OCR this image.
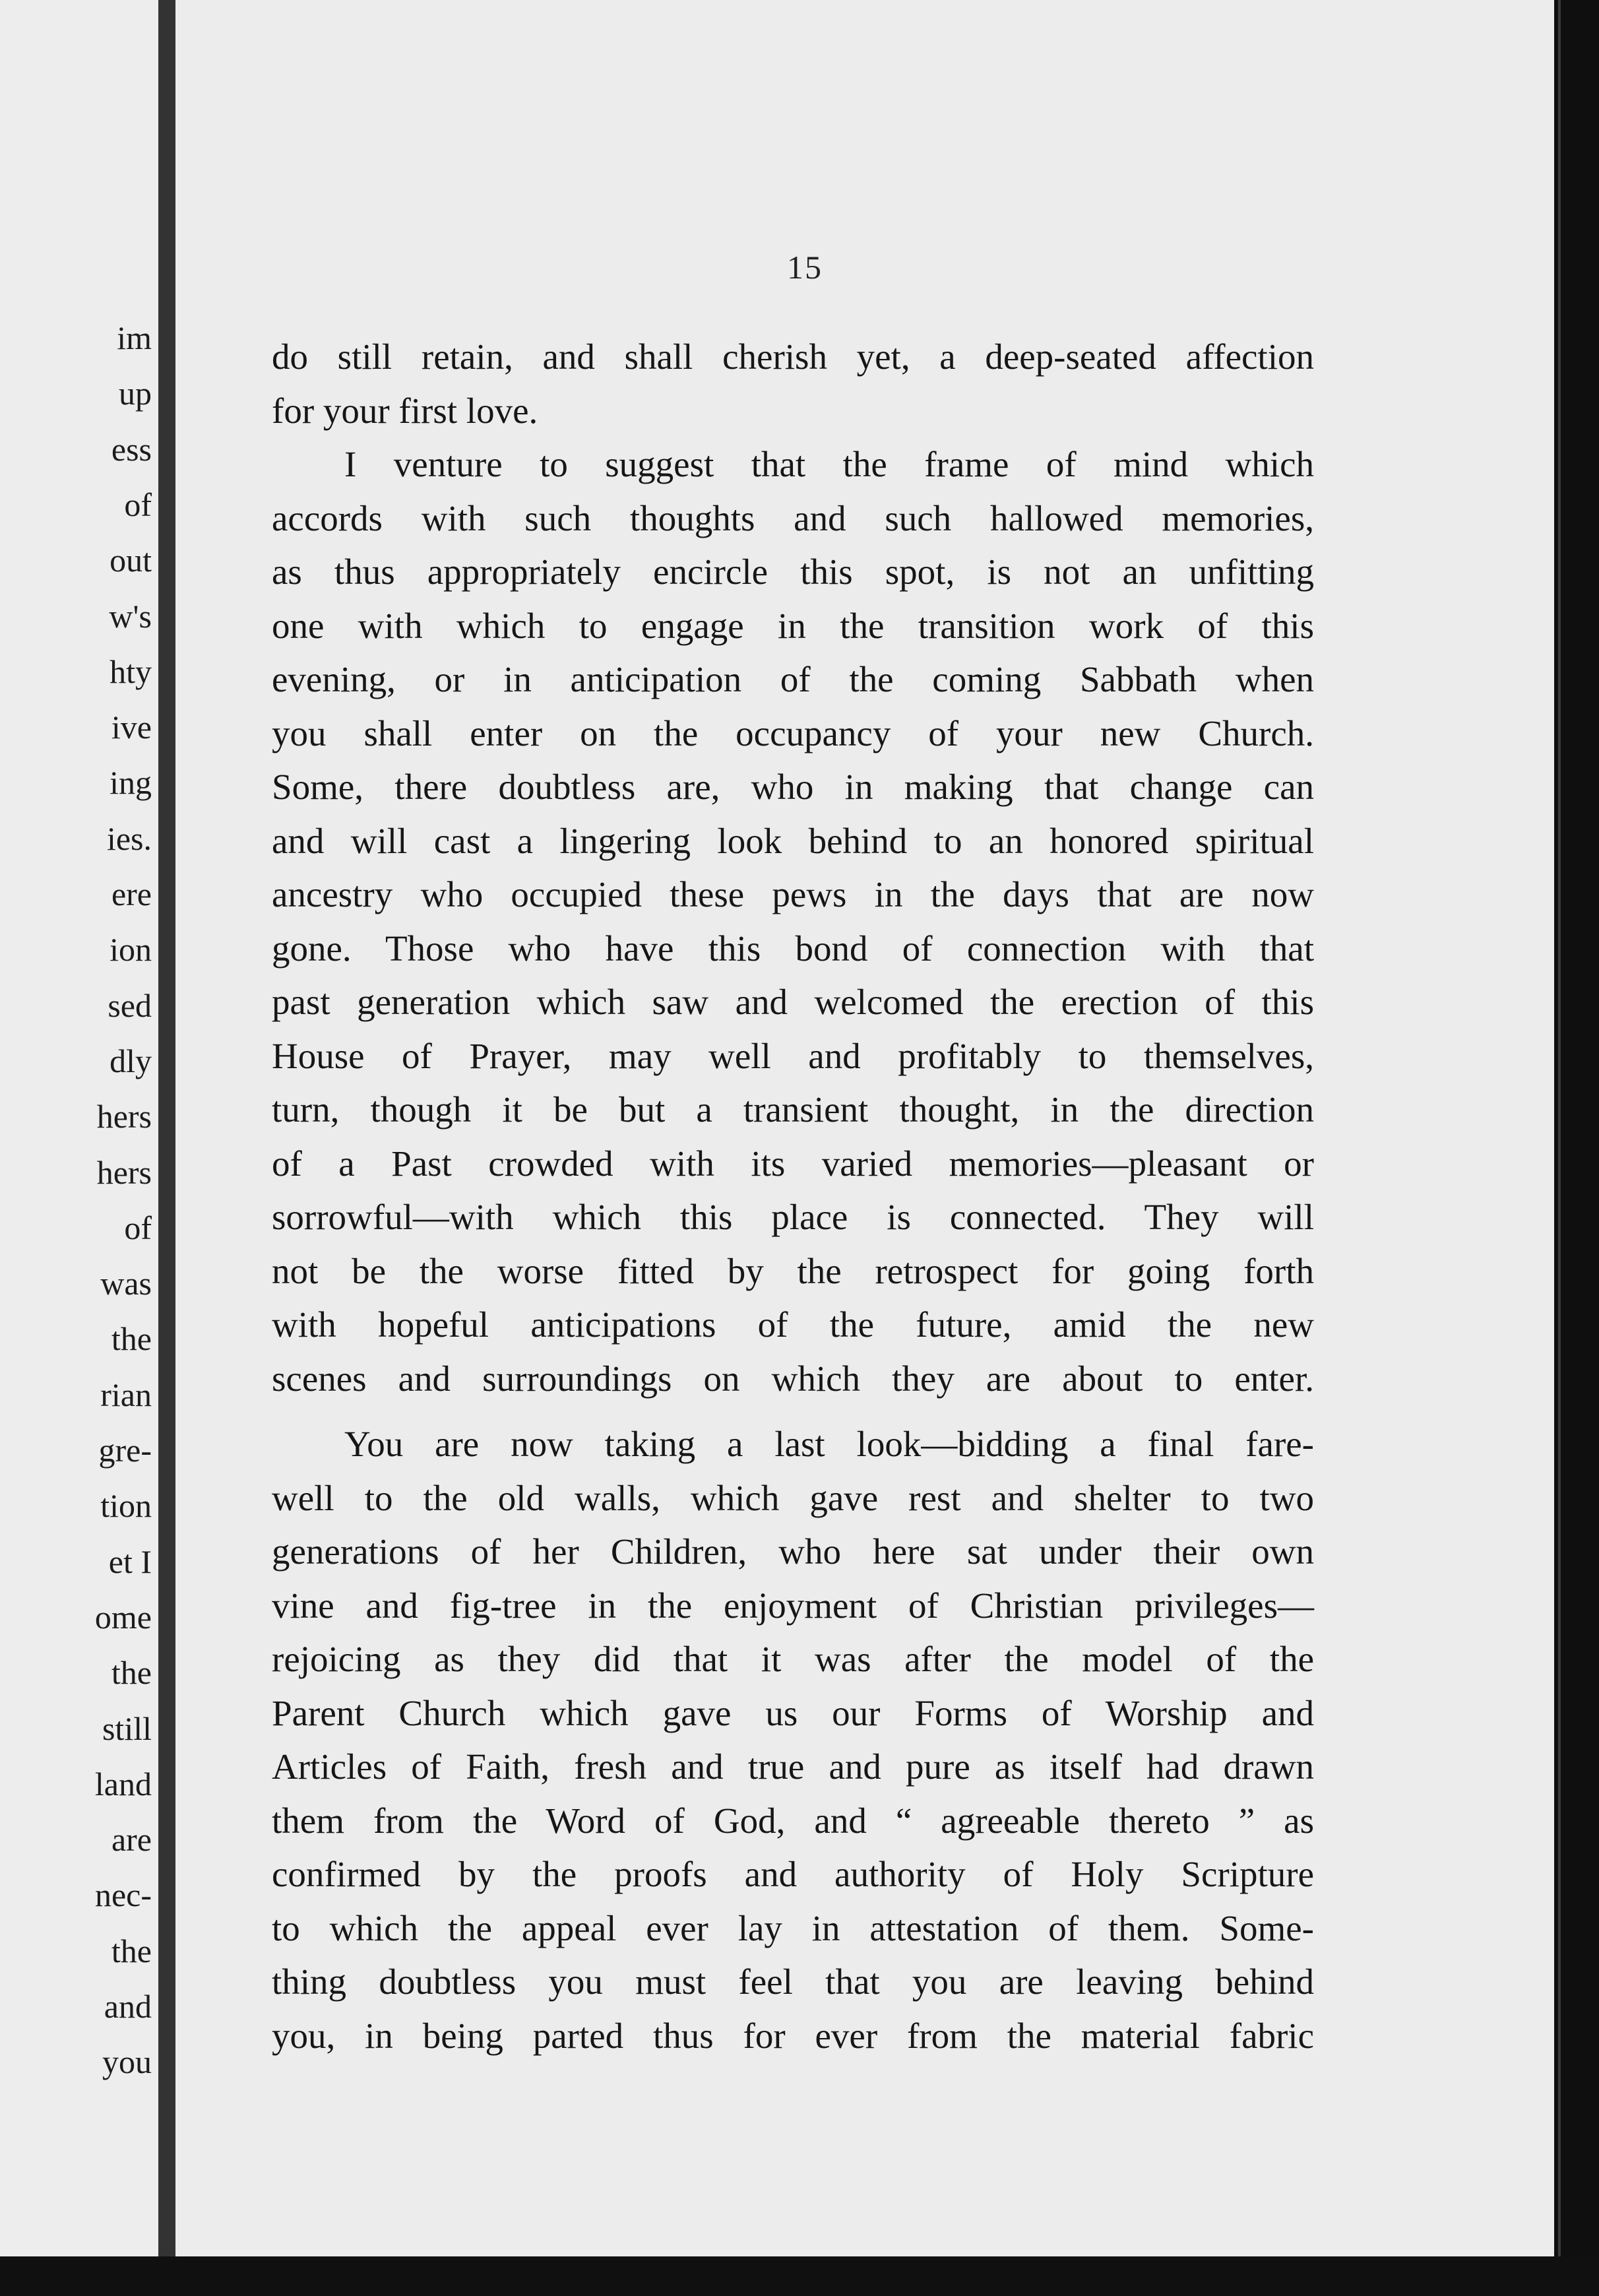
im
up
ess
of
out
w's
hty
ive
ing
ies.
ere
ion
sed
dly
hers
hers
of
was
the
rian
gre-
tion
et I
ome
the
still
land
are
nec-
the
and
you
15
do still retain, and shall cherish yet, a deep-seated affection
for your first love.
I venture to suggest that the frame of mind which
accords with such thoughts and such hallowed memories,
as thus appropriately encircle this spot, is not an unfitting
one with which to engage in the transition work of this
evening, or in anticipation of the coming Sabbath when
you shall enter on the occupancy of your new Church.
Some, there doubtless are, who in making that change can
and will cast a lingering look behind to an honored spiritual
ancestry who occupied these pews in the days that are now
gone. Those who have this bond of connection with that
past generation which saw and welcomed the erection of this
House of Prayer, may well and profitably to themselves,
turn, though it be but a transient thought, in the direction
of a Past crowded with its varied memories—pleasant or
sorrowful—with which this place is connected. They will
not be the worse fitted by the retrospect for going forth
with hopeful anticipations of the future, amid the new
scenes and surroundings on which they are about to enter.
You are now taking a last look—bidding a final fare-
well to the old walls, which gave rest and shelter to two
generations of her Children, who here sat under their own
vine and fig-tree in the enjoyment of Christian privileges—
rejoicing as they did that it was after the model of the
Parent Church which gave us our Forms of Worship and
Articles of Faith, fresh and true and pure as itself had drawn
them from the Word of God, and “ agreeable thereto ” as
confirmed by the proofs and authority of Holy Scripture
to which the appeal ever lay in attestation of them. Some-
thing doubtless you must feel that you are leaving behind
you, in being parted thus for ever from the material fabric
